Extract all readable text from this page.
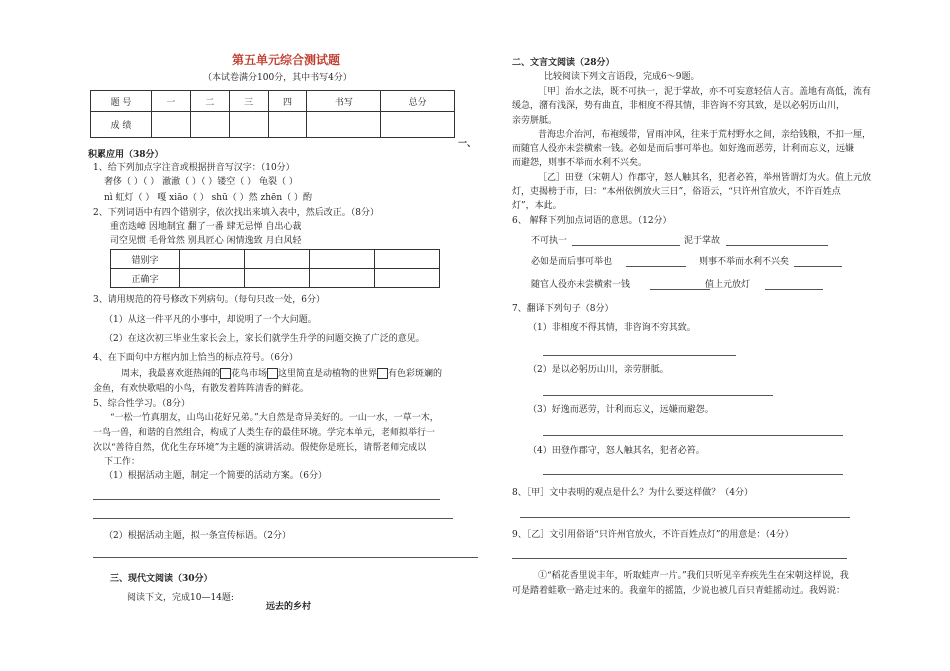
第五单元综合测试题
（本试卷满分100分，其中书写4分）
题 号	一	二	三	四	书写	总分
成 绩						
一、
积累应用（38分）
1、给下列加点字注音或根据拼音写汉字：（10分）
奢侈（ ）（ ） 澈澈（ ）（ ）镂空（ ） 龟裂（ ）
nì 虹灯（ ） 嘎 xiāo（ ） shū（ ）然 zhēn（ ）酌
2、下列词语中有四个错别字，依次找出来填入表中，然后改正。（8分）
重峦迭嶂 因地制宜 翻了一番 肆无忌惮 自出心裁
司空见惯 毛骨耸然 别具匠心 闲情逸致 月白风轻
错别字				
正确字				
3、请用规范的符号修改下列病句。（每句只改一处，6分）
（1）从这一件平凡的小事中，却说明了一个大问题。
（2）在这次初三毕业生家长会上，家长们就学生升学的问题交换了广泛的意见。
4、在下面句中方框内加上恰当的标点符号。（6分）
周末，我最喜欢逛热闹的 花鸟市场 这里简直是动植物的世界 有色彩斑斓的
金鱼，有欢快歌唱的小鸟，有散发着阵阵清香的鲜花。
5、综合性学习。（8分）
“一松一竹真朋友，山鸟山花好兄弟。”大自然是奇异美好的。一山一水，一草一木，
一鸟一兽，和谐的自然组合，构成了人类生存的最佳环境。学完本单元，老师拟举行一
次以“善待自然，优化生存环境”为主题的演讲活动。假使你是班长，请帮老师完成以
下工作：
（1）根据活动主题，制定一个简要的活动方案。（6分）
（2）根据活动主题，拟一条宣传标语。（2分）
三、现代文阅读（30分）
阅读下文，完成10—14题:
远去的乡村
二、文言文阅读（28分）
比较阅读下列文言语段，完成6～9题。
［甲］治水之法，既不可执一，泥于掌故，亦不可妄意轻信人言。盖地有高低，流有
缓急，潴有浅深，势有曲直，非相度不得其情，非咨询不穷其致，是以必躬历山川，
亲劳胼胝。
昔海忠介治河，布袍缓带，冒雨冲风，往来于荒村野水之间，亲给钱粮，不扣一厘，
而随官人役亦未尝横索一钱。必如是而后事可举也。如好逸而恶劳，计利而忘义，远嫌
而避怨，则事不举而水利不兴矣。
［乙］田登（宋朝人）作郡守，怒人触其名，犯者必笞，举州皆谓灯为火。值上元放
灯，吏揭榜于市，曰：“本州依例放火三日”，俗语云，“只许州官放火，不许百姓点
灯”，本此。
6、 解释下列加点词语的意思。（12分）
不可执一	泥于掌故
必如是而后事可举也	则事不举而水利不兴矣
随官人役亦未尝横索一钱	值上元放灯
7、翻译下列句子（8分）
（1）非相度不得其情，非咨询不穷其致。
（2）是以必躬历山川，亲劳胼胝。
（3）好逸而恶劳，计利而忘义，远嫌而避怨。
（4）田登作郡守，怒人触其名，犯者必笞。
8、［甲］文中表明的观点是什么？为什么要这样做？（4分）
9、［乙］文引用俗语“只许州官放火，不许百姓点灯”的用意是：（4分）
①“稻花香里说丰年，听取蛙声一片。”我们只听见辛弃疾先生在宋朝这样说，我
可是踏着蛙歌一路走过来的。我童年的摇篮，少说也被几百只青蛙摇动过。我妈说：
